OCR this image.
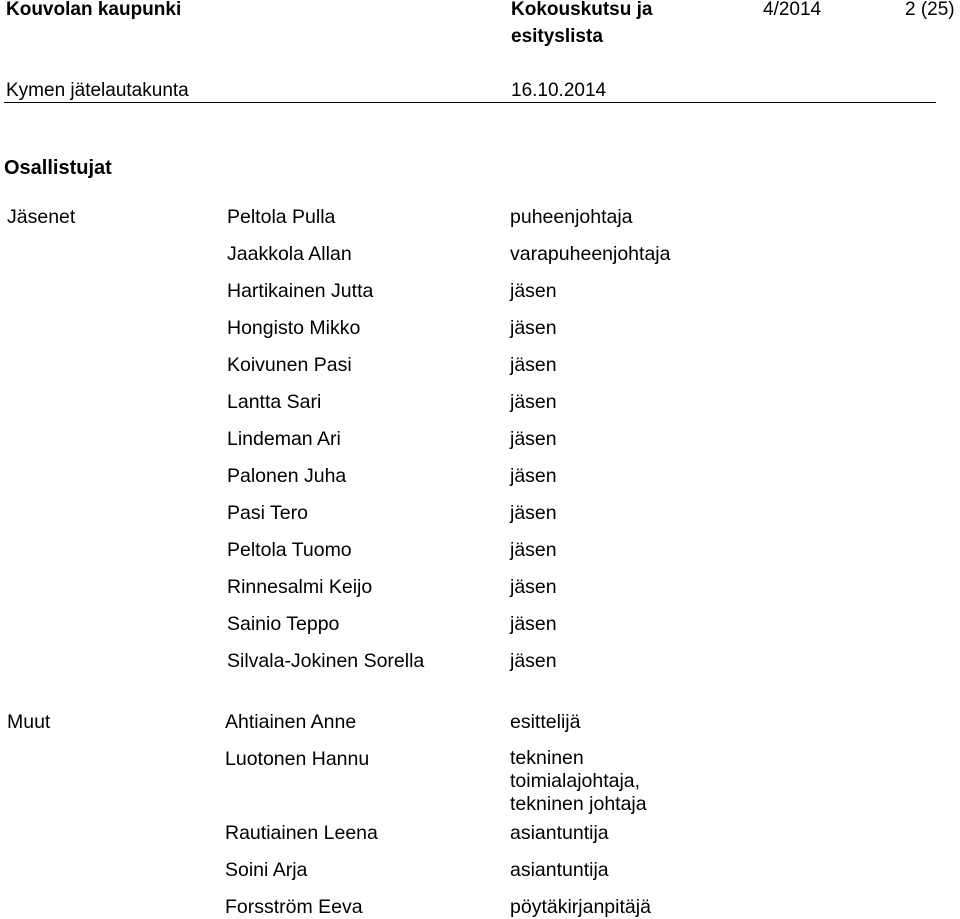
Kouvolan kaupunki	Kokouskutsu ja
esityslista
4/2014	2 (25)
Kymen jätelautakunta	16.10.2014
Osallistujat
Jäsenet	Peltola Pulla	puheenjohtaja
Jaakkola Allan	varapuheenjohtaja
Hartikainen Jutta	jäsen
Hongisto Mikko	jäsen
Koivunen Pasi	jäsen
Lantta Sari	jäsen
Lindeman Ari	jäsen
Palonen Juha	jäsen
Pasi Tero	jäsen
Peltola Tuomo	jäsen
Rinnesalmi Keijo	jäsen
Sainio Teppo	jäsen
Silvala-Jokinen Sorella	jäsen
Muut	Ahtiainen Anne	esittelijä
Luotonen Hannu	tekninen
toimialajohtaja,
tekninen johtaja
Rautiainen Leena	asiantuntija
Soini Arja	asiantuntija
Forsström Eeva	pöytäkirjanpitäjä
